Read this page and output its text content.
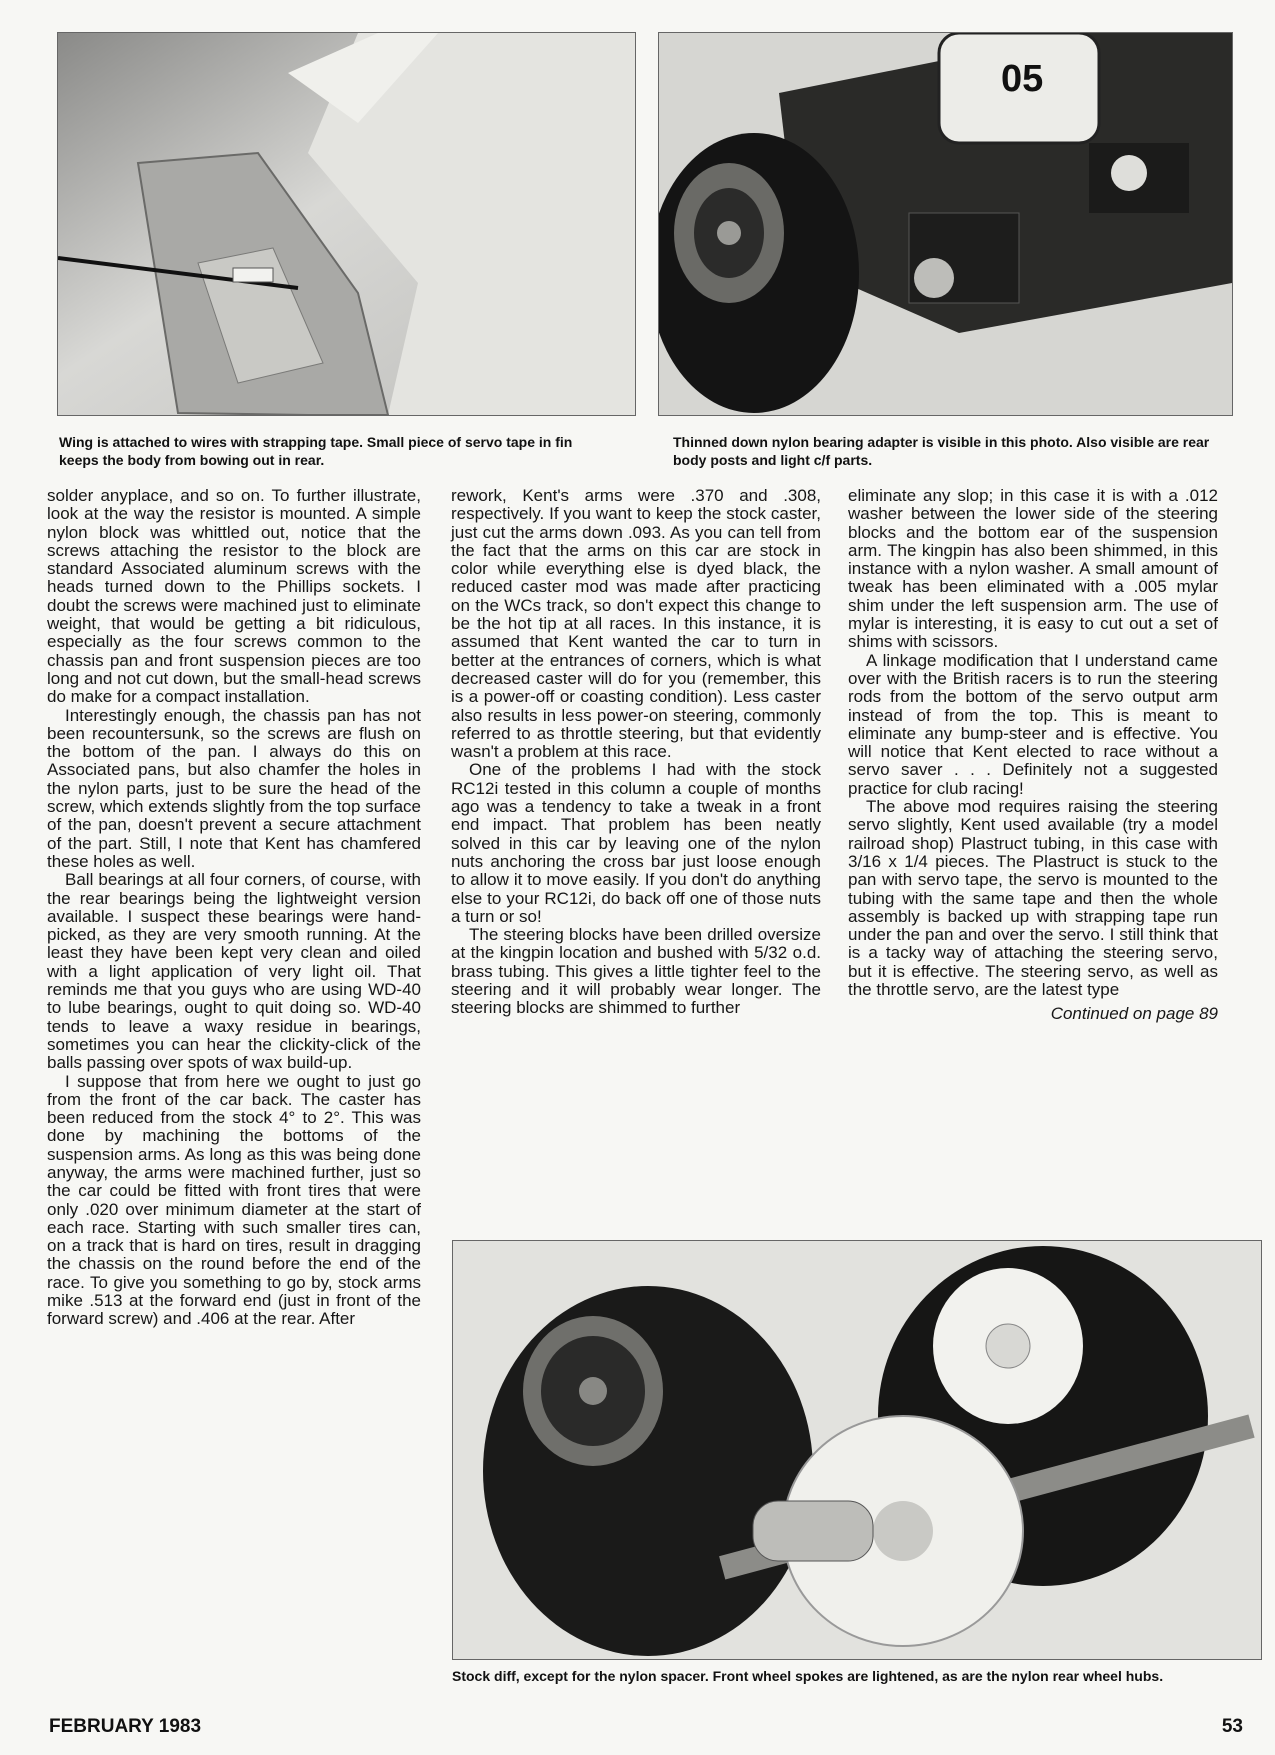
Wing is attached to wires with strapping tape. Small piece of servo tape in fin keeps the body from bowing out in rear.
05
Thinned down nylon bearing adapter is visible in this photo. Also visible are rear body posts and light c/f parts.

solder anyplace, and so on. To further illustrate, look at the way the resistor is mounted. A simple nylon block was whittled out, notice that the screws attaching the resistor to the block are standard Associated aluminum screws with the heads turned down to the Phillips sockets. I doubt the screws were machined just to eliminate weight, that would be getting a bit ridiculous, especially as the four screws common to the chassis pan and front suspension pieces are too long and not cut down, but the small-head screws do make for a compact installation.

Interestingly enough, the chassis pan has not been recountersunk, so the screws are flush on the bottom of the pan. I always do this on Associated pans, but also chamfer the holes in the nylon parts, just to be sure the head of the screw, which extends slightly from the top surface of the pan, doesn't prevent a secure attachment of the part. Still, I note that Kent has chamfered these holes as well.

Ball bearings at all four corners, of course, with the rear bearings being the lightweight version available. I suspect these bearings were hand-picked, as they are very smooth running. At the least they have been kept very clean and oiled with a light application of very light oil. That reminds me that you guys who are using WD-40 to lube bearings, ought to quit doing so. WD-40 tends to leave a waxy residue in bearings, sometimes you can hear the clickity-click of the balls passing over spots of wax build-up.

I suppose that from here we ought to just go from the front of the car back. The caster has been reduced from the stock 4° to 2°. This was done by machining the bottoms of the suspension arms. As long as this was being done anyway, the arms were machined further, just so the car could be fitted with front tires that were only .020 over minimum diameter at the start of each race. Starting with such smaller tires can, on a track that is hard on tires, result in dragging the chassis on the round before the end of the race. To give you something to go by, stock arms mike .513 at the forward end (just in front of the forward screw) and .406 at the rear. After

rework, Kent's arms were .370 and .308, respectively. If you want to keep the stock caster, just cut the arms down .093. As you can tell from the fact that the arms on this car are stock in color while everything else is dyed black, the reduced caster mod was made after practicing on the WCs track, so don't expect this change to be the hot tip at all races. In this instance, it is assumed that Kent wanted the car to turn in better at the entrances of corners, which is what decreased caster will do for you (remember, this is a power-off or coasting condition). Less caster also results in less power-on steering, commonly referred to as throttle steering, but that evidently wasn't a problem at this race.

One of the problems I had with the stock RC12i tested in this column a couple of months ago was a tendency to take a tweak in a front end impact. That problem has been neatly solved in this car by leaving one of the nylon nuts anchoring the cross bar just loose enough to allow it to move easily. If you don't do anything else to your RC12i, do back off one of those nuts a turn or so!

The steering blocks have been drilled oversize at the kingpin location and bushed with 5/32 o.d. brass tubing. This gives a little tighter feel to the steering and it will probably wear longer. The steering blocks are shimmed to further

eliminate any slop; in this case it is with a .012 washer between the lower side of the steering blocks and the bottom ear of the suspension arm. The kingpin has also been shimmed, in this instance with a nylon washer. A small amount of tweak has been eliminated with a .005 mylar shim under the left suspension arm. The use of mylar is interesting, it is easy to cut out a set of shims with scissors.

A linkage modification that I understand came over with the British racers is to run the steering rods from the bottom of the servo output arm instead of from the top. This is meant to eliminate any bump-steer and is effective. You will notice that Kent elected to race without a servo saver . . . Definitely not a suggested practice for club racing!

The above mod requires raising the steering servo slightly, Kent used available (try a model railroad shop) Plastruct tubing, in this case with 3/16 x 1/4 pieces. The Plastruct is stuck to the pan with servo tape, the servo is mounted to the tubing with the same tape and then the whole assembly is backed up with strapping tape run under the pan and over the servo. I still think that is a tacky way of attaching the steering servo, but it is effective. The steering servo, as well as the throttle servo, are the latest type

Continued on page 89
Stock diff, except for the nylon spacer. Front wheel spokes are lightened, as are the nylon rear wheel hubs.
FEBRUARY 1983	53
